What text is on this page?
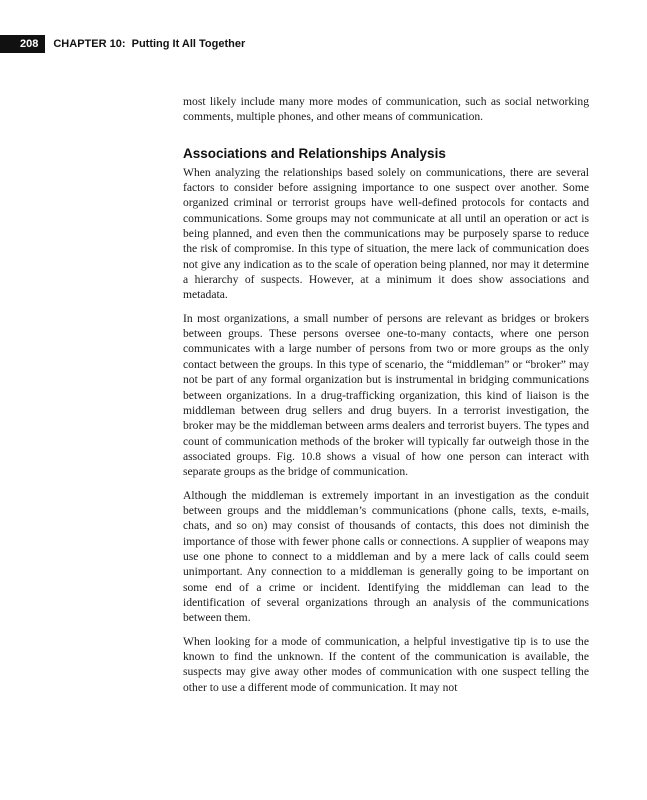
208	CHAPTER 10: Putting It All Together

most likely include many more modes of communication, such as social networking comments, multiple phones, and other means of communication.

Associations and Relationships Analysis

When analyzing the relationships based solely on communications, there are several factors to consider before assigning importance to one suspect over another. Some organized criminal or terrorist groups have well-defined protocols for contacts and communications. Some groups may not communicate at all until an operation or act is being planned, and even then the communications may be purposely sparse to reduce the risk of compromise. In this type of situation, the mere lack of communication does not give any indication as to the scale of operation being planned, nor may it determine a hierarchy of suspects. However, at a minimum it does show associations and metadata.

In most organizations, a small number of persons are relevant as bridges or brokers between groups. These persons oversee one-to-many contacts, where one person communicates with a large number of persons from two or more groups as the only contact between the groups. In this type of scenario, the “middleman” or “broker” may not be part of any formal organization but is instrumental in bridging communications between organizations. In a drug-trafficking organization, this kind of liaison is the middleman between drug sellers and drug buyers. In a terrorist investigation, the broker may be the middleman between arms dealers and terrorist buyers. The types and count of communication methods of the broker will typically far outweigh those in the associated groups. Fig. 10.8 shows a visual of how one person can interact with separate groups as the bridge of communication.

Although the middleman is extremely important in an investigation as the conduit between groups and the middleman’s communications (phone calls, texts, e-mails, chats, and so on) may consist of thousands of contacts, this does not diminish the importance of those with fewer phone calls or connections. A supplier of weapons may use one phone to connect to a middleman and by a mere lack of calls could seem unimportant. Any connection to a middleman is generally going to be important on some end of a crime or incident. Identifying the middleman can lead to the identification of several organizations through an analysis of the communications between them.

When looking for a mode of communication, a helpful investigative tip is to use the known to find the unknown. If the content of the communication is available, the suspects may give away other modes of communication with one suspect telling the other to use a different mode of communication. It may not
